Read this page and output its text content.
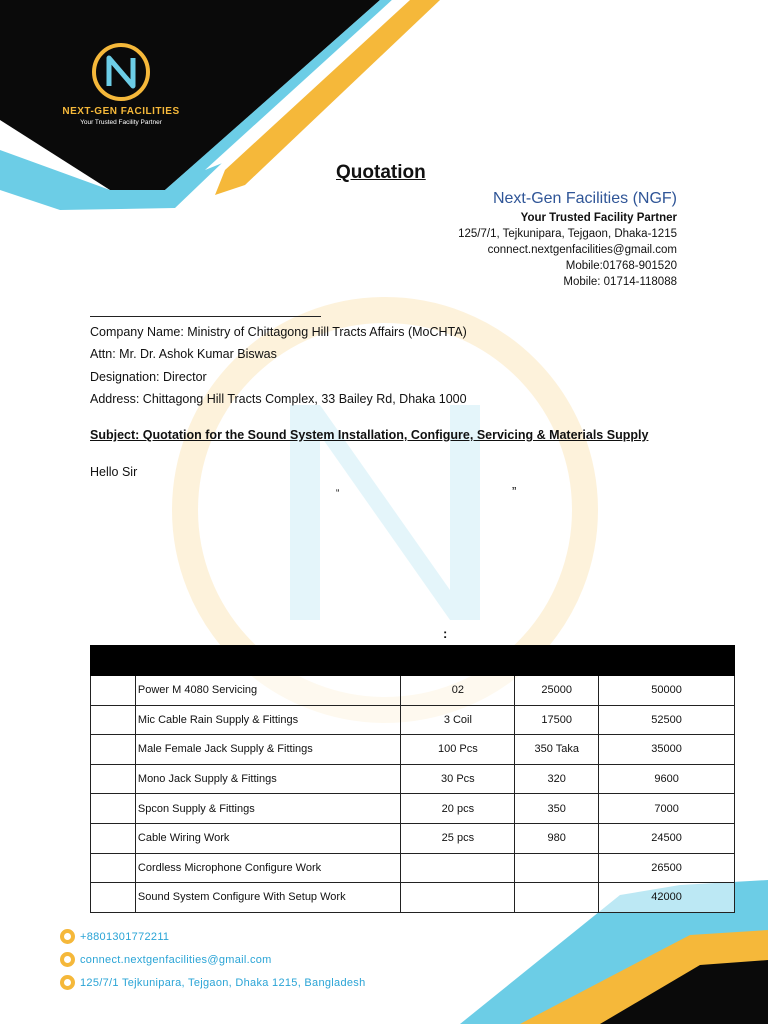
NEXT-GEN FACILITIES
Your Trusted Facility Partner
Quotation
Next-Gen Facilities (NGF)
Your Trusted Facility Partner
125/7/1, Tejkunipara, Tejgaon, Dhaka-1215
connect.nextgenfacilities@gmail.com
Mobile:01768-901520
Mobile: 01714-118088
Company Name: Ministry of Chittagong Hill Tracts Affairs (MoCHTA)
Attn: Mr. Dr. Ashok Kumar Biswas
Designation: Director
Address: Chittagong Hill Tracts Complex, 33 Bailey Rd, Dhaka 1000
Subject: Quotation for the Sound System Installation, Configure, Servicing & Materials Supply
Hello Sir
“	”
:

	Power M 4080 Servicing	02	25000	50000
	Mic Cable Rain Supply & Fittings	3 Coil	17500	52500
	Male Female Jack Supply & Fittings	100 Pcs	350 Taka	35000
	Mono Jack Supply & Fittings	30 Pcs	320	9600
	Spcon Supply & Fittings	20 pcs	350	7000
	Cable Wiring Work	25 pcs	980	24500
	Cordless Microphone Configure Work			26500
	Sound System Configure With Setup Work			42000
+8801301772211
connect.nextgenfacilities@gmail.com
125/7/1 Tejkunipara, Tejgaon, Dhaka 1215, Bangladesh
